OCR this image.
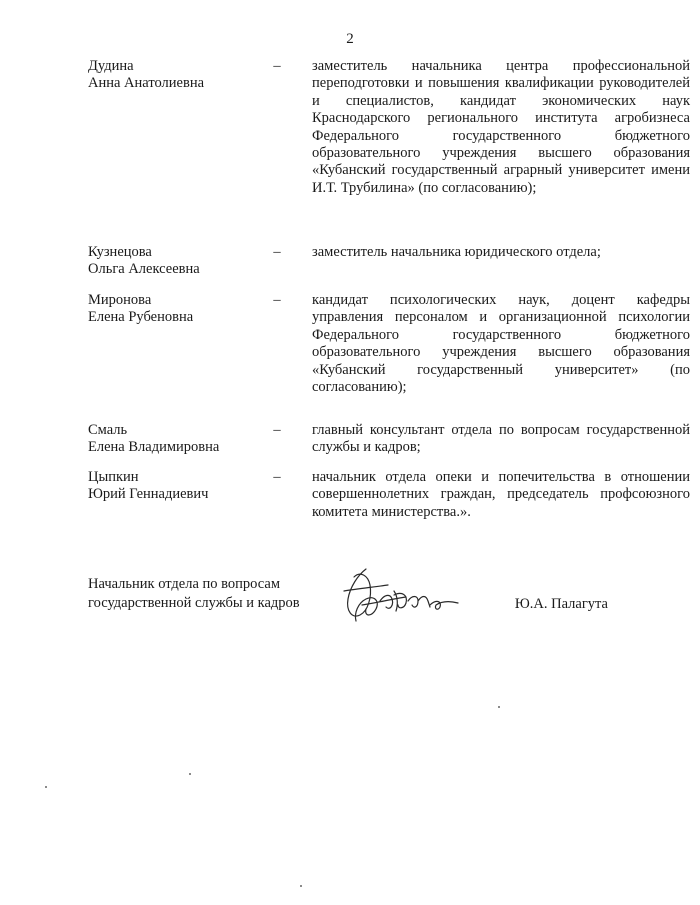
2
Дудина
Анна Анатолиевна
– заместитель начальника центра профессиональной переподготовки и повышения квалификации руководителей и специалистов, кандидат экономических наук Краснодарского регионального института агробизнеса Федерального государственного бюджетного образовательного учреждения высшего образования «Кубанский государственный аграрный университет имени И.Т. Трубилина» (по согласованию);
Кузнецова
Ольга Алексеевна
– заместитель начальника юридического отдела;
Миронова
Елена Рубеновна
– кандидат психологических наук, доцент кафедры управления персоналом и организационной психологии Федерального государственного бюджетного образовательного учреждения высшего образования «Кубанский государственный университет» (по согласованию);
Смаль
Елена Владимировна
– главный консультант отдела по вопросам государственной службы и кадров;
Цыпкин
Юрий Геннадиевич
– начальник отдела опеки и попечительства в отношении совершеннолетних граждан, председатель профсоюзного комитета министерства.».
Начальник отдела по вопросам
государственной службы и кадров	Ю.А. Палагута
